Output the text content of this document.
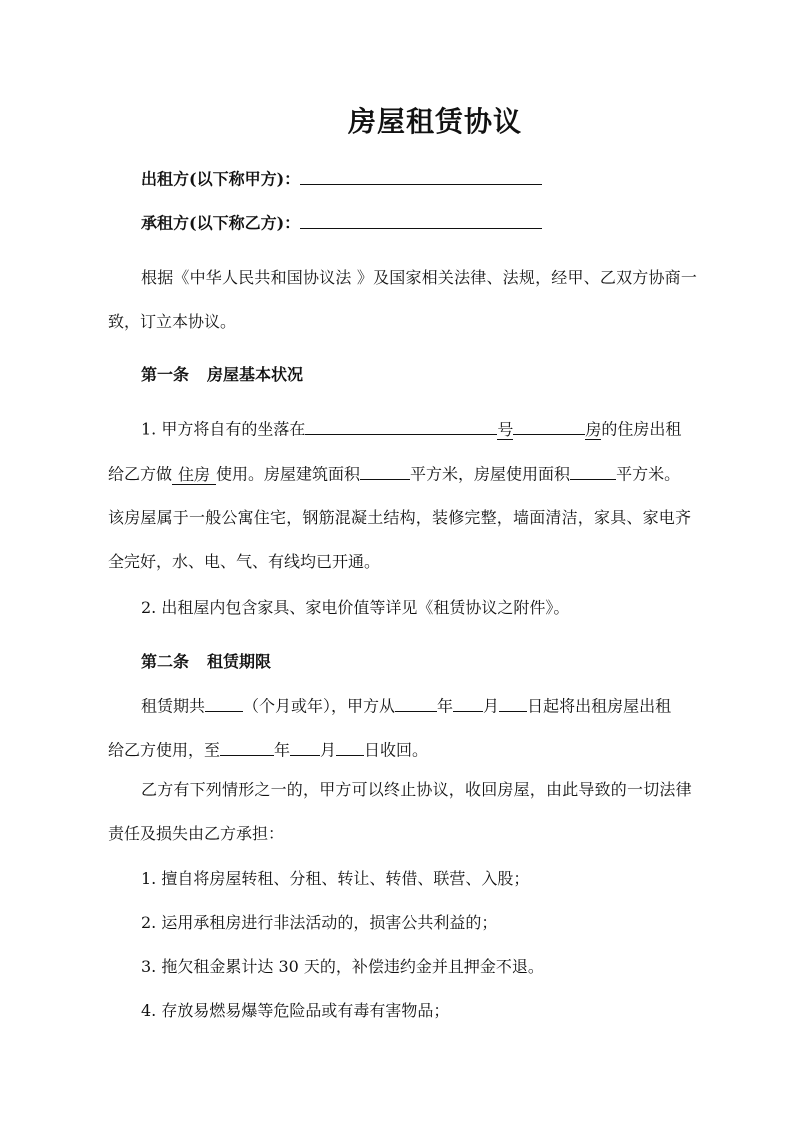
房屋租赁协议
出租方(以下称甲方)：
承租方(以下称乙方)：
根据《中华人民共和国协议法 》及国家相关法律、法规，经甲、乙双方协商一
致，订立本协议。
第一条 房屋基本状况
1. 甲方将自有的坐落在	号	房的住房出租
给乙方做 住房 使用。房屋建筑面积	平方米，房屋使用面积	平方米。
该房屋属于一般公寓住宅，钢筋混凝土结构，装修完整，墙面清洁，家具、家电齐
全完好，水、电、气、有线均已开通。
2. 出租屋内包含家具、家电价值等详见《租赁协议之附件》。
第二条 租赁期限
租赁期共 （个月或年），甲方从	年 月 日起将出租房屋出租
给乙方使用，至	年 月 日收回。
乙方有下列情形之一的，甲方可以终止协议，收回房屋，由此导致的一切法律
责任及损失由乙方承担：
1. 擅自将房屋转租、分租、转让、转借、联营、入股；
2. 运用承租房进行非法活动的，损害公共利益的；
3. 拖欠租金累计达 30 天的，补偿违约金并且押金不退。
4. 存放易燃易爆等危险品或有毒有害物品；
